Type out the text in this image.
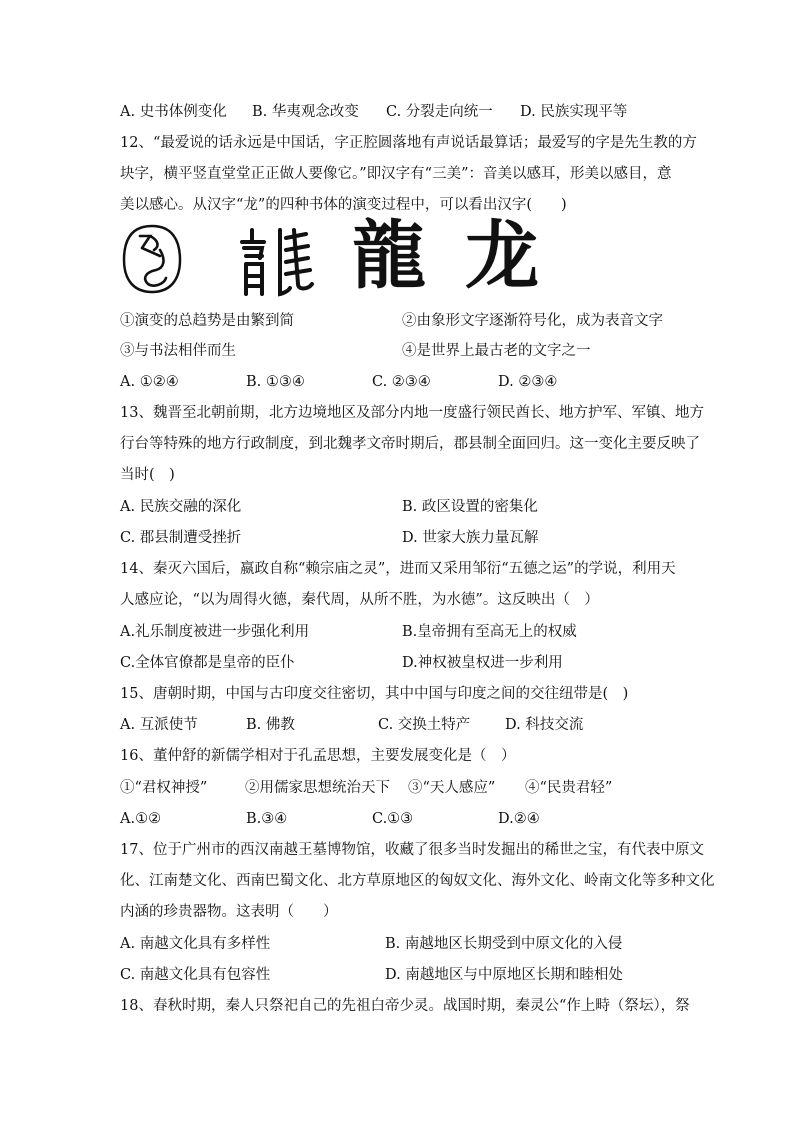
A. 史书体例变化 B. 华夷观念改变 C. 分裂走向统一 D. 民族实现平等
12、“最爱说的话永远是中国话，字正腔圆落地有声说话最算话；最爱写的字是先生教的方
块字，横平竖直堂堂正正做人要像它。”即汉字有“三美”：音美以感耳，形美以感目，意
美以感心。从汉字“龙”的四种书体的演变过程中，可以看出汉字(　　)
龍 龙
①演变的总趋势是由繁到简	②由象形文字逐渐符号化，成为表音文字
③与书法相伴而生	④是世界上最古老的文字之一
A. ①②④	B. ①③④	C. ②③④	D. ②③④
13、魏晋至北朝前期，北方边境地区及部分内地一度盛行领民酋长、地方护军、军镇、地方
行台等特殊的地方行政制度，到北魏孝文帝时期后，郡县制全面回归。这一变化主要反映了
当时(　)
A. 民族交融的深化	B. 政区设置的密集化
C. 郡县制遭受挫折	D. 世家大族力量瓦解
14、秦灭六国后，嬴政自称“赖宗庙之灵”，进而又采用邹衍“五德之运”的学说，利用天
人感应论，“以为周得火德，秦代周，从所不胜，为水德”。这反映出（　）
A.礼乐制度被进一步强化利用	B.皇帝拥有至高无上的权威
C.全体官僚都是皇帝的臣仆	D.神权被皇权进一步利用
15、唐朝时期，中国与古印度交往密切，其中中国与印度之间的交往纽带是(　)
A. 互派使节	B. 佛教	C. 交换土特产 D. 科技交流
16、董仲舒的新儒学相对于孔孟思想，主要发展变化是（　）
①“君权神授”	②用儒家思想统治天下 ③“天人感应” ④“民贵君轻”
A.①②	B.③④	C.①③	D.②④
17、位于广州市的西汉南越王墓博物馆，收藏了很多当时发掘出的稀世之宝，有代表中原文
化、江南楚文化、西南巴蜀文化、北方草原地区的匈奴文化、海外文化、岭南文化等多种文化
内涵的珍贵器物。这表明（　　）
A. 南越文化具有多样性	B. 南越地区长期受到中原文化的入侵
C. 南越文化具有包容性	D. 南越地区与中原地区长期和睦相处
18、春秋时期，秦人只祭祀自己的先祖白帝少灵。战国时期，秦灵公“作上畤（祭坛），祭
